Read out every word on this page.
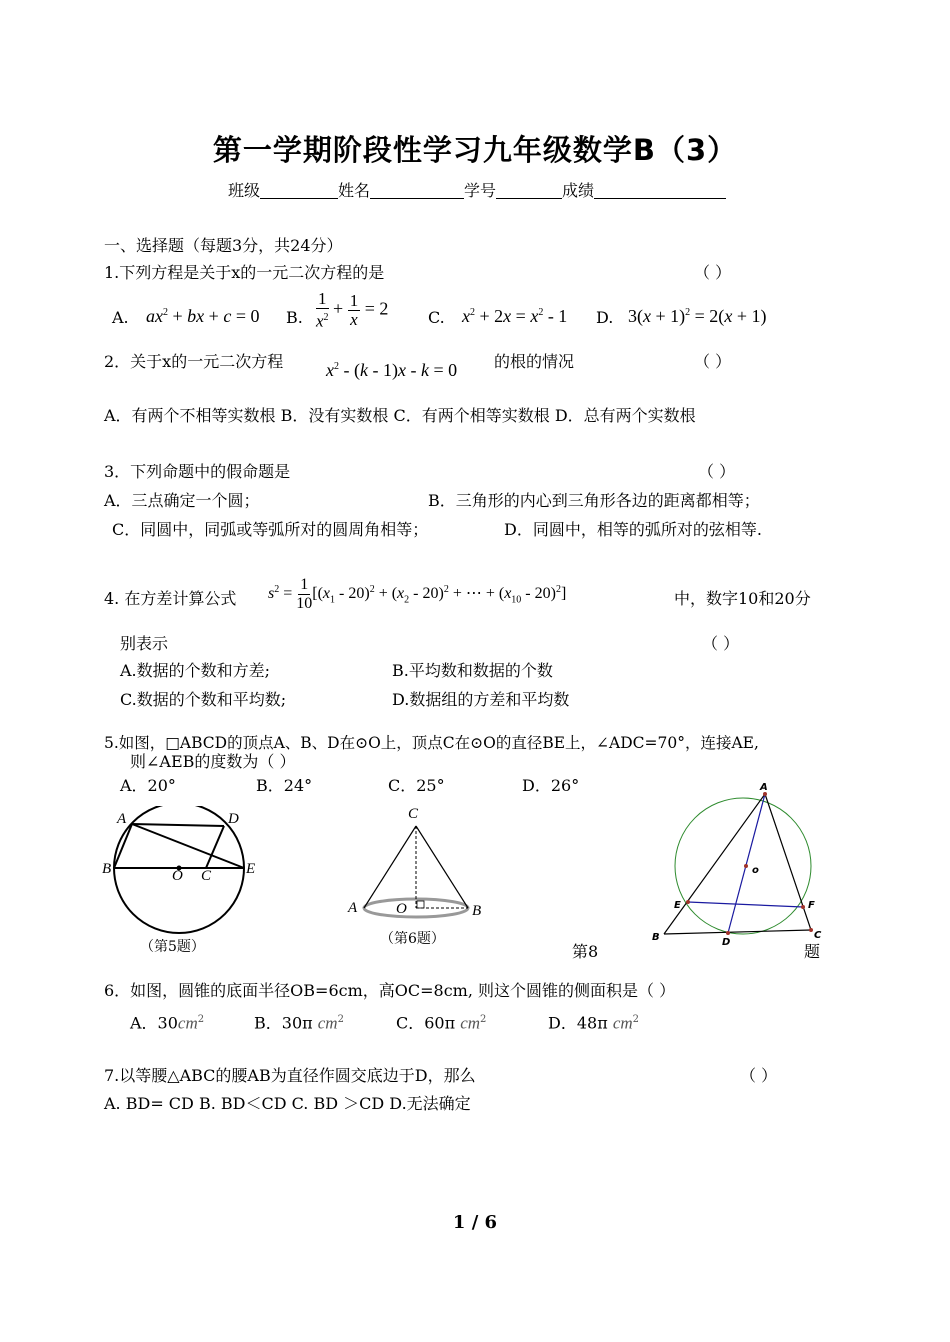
第一学期阶段性学习九年级数学B（3）
班级	姓名	学号	成绩
一、选择题（每题3分，共24分）
1.下列方程是关于x的一元二次方程的是	（ ）
A. $ax^2$ + bx + c = 0 B. $\frac{1}{x^2} + \frac{1}{x} = 2$ C. $x^2 + 2x = x^2 - 1$ D. $3(x + 1)^2 = 2(x + 1)$
2．关于x的一元二次方程 $x^2 - (k - 1)x - k = 0$ 的根的情况	（ ）
A．有两个不相等实数根 B．没有实数根 C．有两个相等实数根 D．总有两个实数根
3．下列命题中的假命题是	（ ）
A．三点确定一个圆；	B．三角形的内心到三角形各边的距离都相等；
C．同圆中，同弧或等弧所对的圆周角相等；	D．同圆中，相等的弧所对的弦相等.
4. 在方差计算公式 $s^2 = \frac{1}{10} [(x_1 - 20)^2 + (x_2 - 20)^2$ + ⋯ + $(x_{10} - 20)^2$]	中，数字10和20分
别表示	（ ）
A.数据的个数和方差;	B.平均数和数据的个数
C.数据的个数和平均数;	D.数据组的方差和平均数
5.如图，□ABCD的顶点A、B、D在⊙O上，顶点C在⊙O的直径BE上，∠ADC=70°，连接AE,
则∠AEB的度数为（ ）
A．20°	B．24°	C．25°	D．26°
A	D
B	O C E
（第5题）
C
A	O	B
（第6题）
A
o
E	F
B	D
C
第8	题
6．如图，圆锥的底面半径OB=6cm，高OC=8cm, 则这个圆锥的侧面积是（ ）
A．$30cm^2$	B．30π $cm^2$	C．60π $cm^2$	D．48π $cm^2$
7.以等腰△ABC的腰AB为直径作圆交底边于D，那么	（ ）
A. BD= CD B. BD＜CD C. BD ＞CD D.无法确定
1 / 6
